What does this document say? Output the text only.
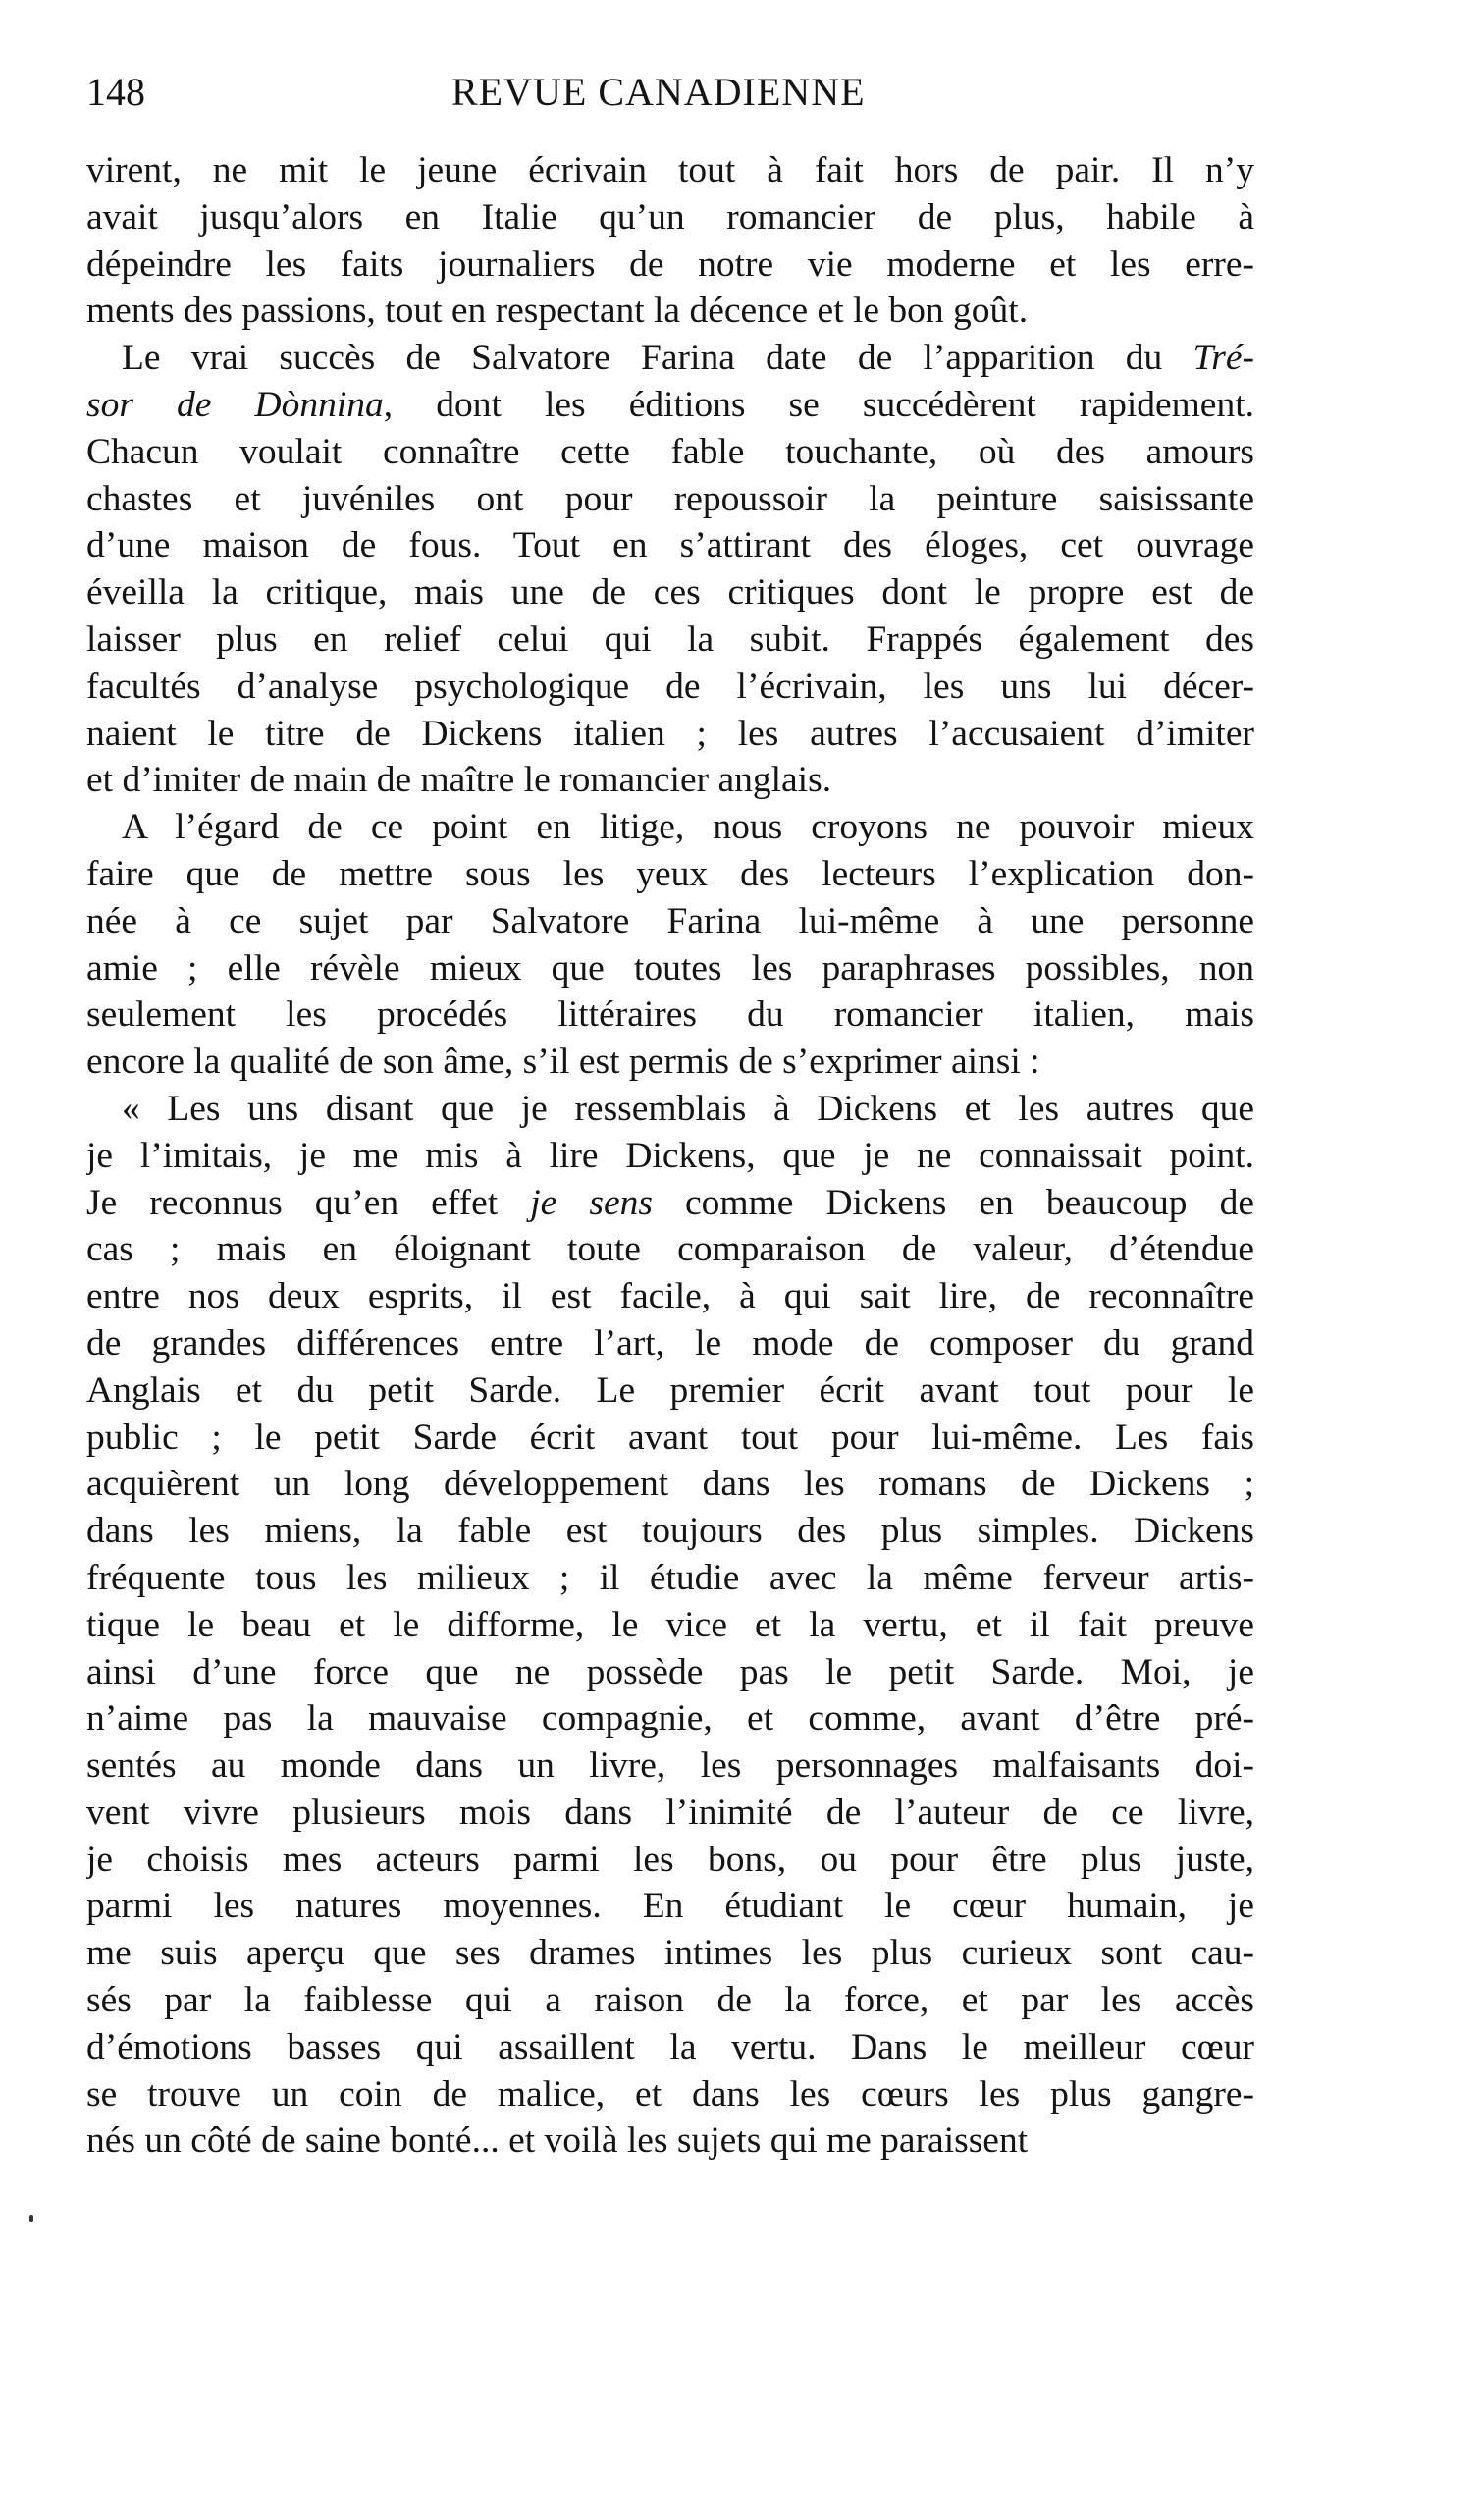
148	REVUE CANADIENNE
virent, ne mit le jeune écrivain tout à fait hors de pair. Il n’y
avait jusqu’alors en Italie qu’un romancier de plus, habile à
dépeindre les faits journaliers de notre vie moderne et les erre-
ments des passions, tout en respectant la décence et le bon goût.
Le vrai succès de Salvatore Farina date de l’apparition du Tré-
sor de Dònnina, dont les éditions se succédèrent rapidement.
Chacun voulait connaître cette fable touchante, où des amours
chastes et juvéniles ont pour repoussoir la peinture saisissante
d’une maison de fous. Tout en s’attirant des éloges, cet ouvrage
éveilla la critique, mais une de ces critiques dont le propre est de
laisser plus en relief celui qui la subit. Frappés également des
facultés d’analyse psychologique de l’écrivain, les uns lui décer-
naient le titre de Dickens italien ; les autres l’accusaient d’imiter
et d’imiter de main de maître le romancier anglais.
A l’égard de ce point en litige, nous croyons ne pouvoir mieux
faire que de mettre sous les yeux des lecteurs l’explication don-
née à ce sujet par Salvatore Farina lui-même à une personne
amie ; elle révèle mieux que toutes les paraphrases possibles, non
seulement les procédés littéraires du romancier italien, mais
encore la qualité de son âme, s’il est permis de s’exprimer ainsi :
« Les uns disant que je ressemblais à Dickens et les autres que
je l’imitais, je me mis à lire Dickens, que je ne connaissait point.
Je reconnus qu’en effet je sens comme Dickens en beaucoup de
cas ; mais en éloignant toute comparaison de valeur, d’étendue
entre nos deux esprits, il est facile, à qui sait lire, de reconnaître
de grandes différences entre l’art, le mode de composer du grand
Anglais et du petit Sarde. Le premier écrit avant tout pour le
public ; le petit Sarde écrit avant tout pour lui-même. Les fais
acquièrent un long développement dans les romans de Dickens ;
dans les miens, la fable est toujours des plus simples. Dickens
fréquente tous les milieux ; il étudie avec la même ferveur artis-
tique le beau et le difforme, le vice et la vertu, et il fait preuve
ainsi d’une force que ne possède pas le petit Sarde. Moi, je
n’aime pas la mauvaise compagnie, et comme, avant d’être pré-
sentés au monde dans un livre, les personnages malfaisants doi-
vent vivre plusieurs mois dans l’inimité de l’auteur de ce livre,
je choisis mes acteurs parmi les bons, ou pour être plus juste,
parmi les natures moyennes. En étudiant le cœur humain, je
me suis aperçu que ses drames intimes les plus curieux sont cau-
sés par la faiblesse qui a raison de la force, et par les accès
d’émotions basses qui assaillent la vertu. Dans le meilleur cœur
se trouve un coin de malice, et dans les cœurs les plus gangre-
nés un côté de saine bonté... et voilà les sujets qui me paraissent
